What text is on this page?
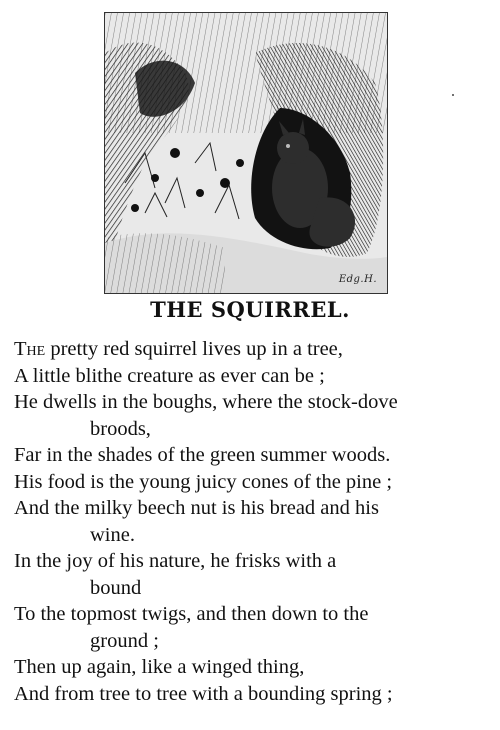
Edg.H.
THE SQUIRREL.
The pretty red squirrel lives up in a tree,
A little blithe creature as ever can be ;
He dwells in the boughs, where the stock-dove
broods,
Far in the shades of the green summer woods.
His food is the young juicy cones of the pine ;
And the milky beech nut is his bread and his
wine.
In the joy of his nature, he frisks with a
bound
To the topmost twigs, and then down to the
ground ;
Then up again, like a winged thing,
And from tree to tree with a bounding spring ;
